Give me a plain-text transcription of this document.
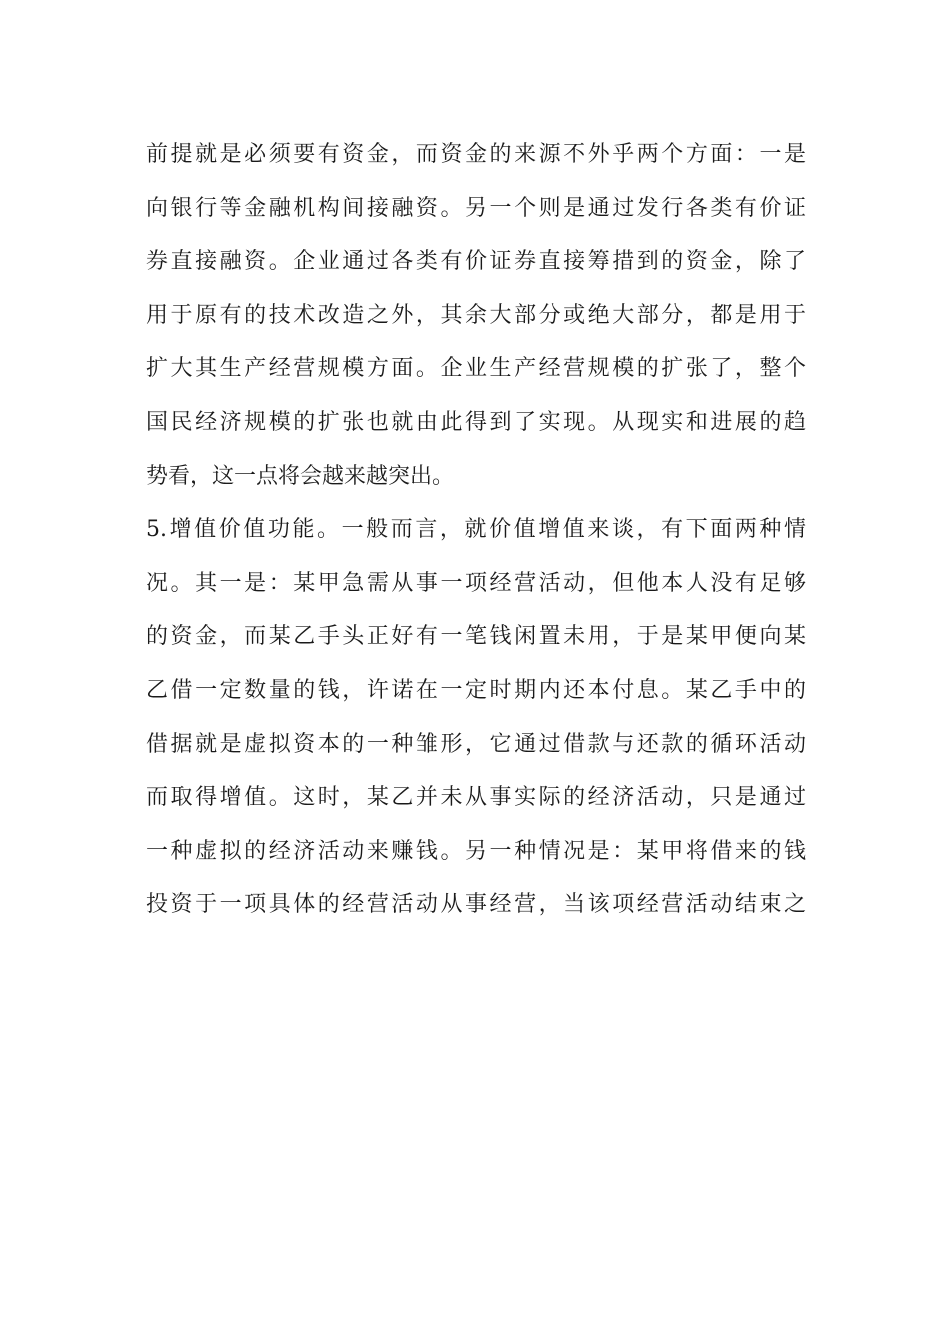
前提就是必须要有资金，而资金的来源不外乎两个方面：一是
向银行等金融机构间接融资。另一个则是通过发行各类有价证
券直接融资。企业通过各类有价证券直接筹措到的资金，除了
用于原有的技术改造之外，其余大部分或绝大部分，都是用于
扩大其生产经营规模方面。企业生产经营规模的扩张了，整个
国民经济规模的扩张也就由此得到了实现。从现实和进展的趋
势看，这一点将会越来越突出。
5.增值价值功能。一般而言，就价值增值来谈，有下面两种情
况。其一是：某甲急需从事一项经营活动，但他本人没有足够
的资金，而某乙手头正好有一笔钱闲置未用，于是某甲便向某
乙借一定数量的钱，许诺在一定时期内还本付息。某乙手中的
借据就是虚拟资本的一种雏形，它通过借款与还款的循环活动
而取得增值。这时，某乙并未从事实际的经济活动，只是通过
一种虚拟的经济活动来赚钱。另一种情况是：某甲将借来的钱
投资于一项具体的经营活动从事经营，当该项经营活动结束之
